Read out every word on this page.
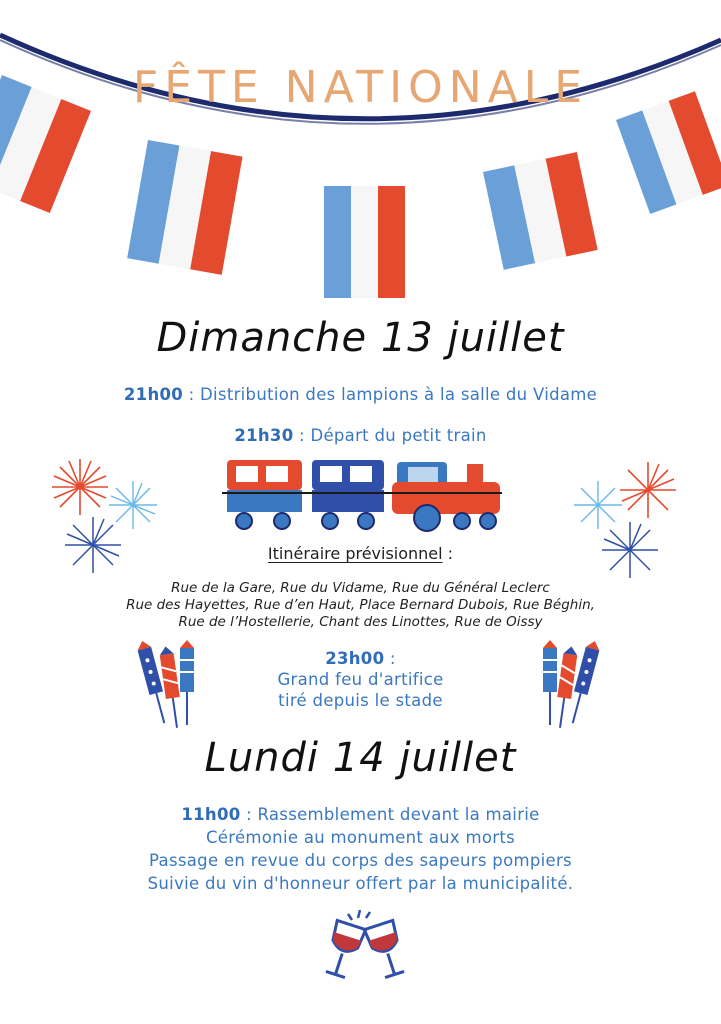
FÊTE NATIONALE
Dimanche 13 juillet
21h00 : Distribution des lampions à la salle du Vidame
21h30 : Départ du petit train
Itinéraire prévisionnel :
Rue de la Gare, Rue du Vidame, Rue du Général Leclerc
Rue des Hayettes, Rue d’en Haut, Place Bernard Dubois, Rue Béghin,
Rue de l’Hostellerie, Chant des Linottes, Rue de Oissy
23h00 :
Grand feu d'artifice
tiré depuis le stade
Lundi 14 juillet
11h00 : Rassemblement devant la mairie
Cérémonie au monument aux morts
Passage en revue du corps des sapeurs pompiers
Suivie du vin d'honneur offert par la municipalité.
